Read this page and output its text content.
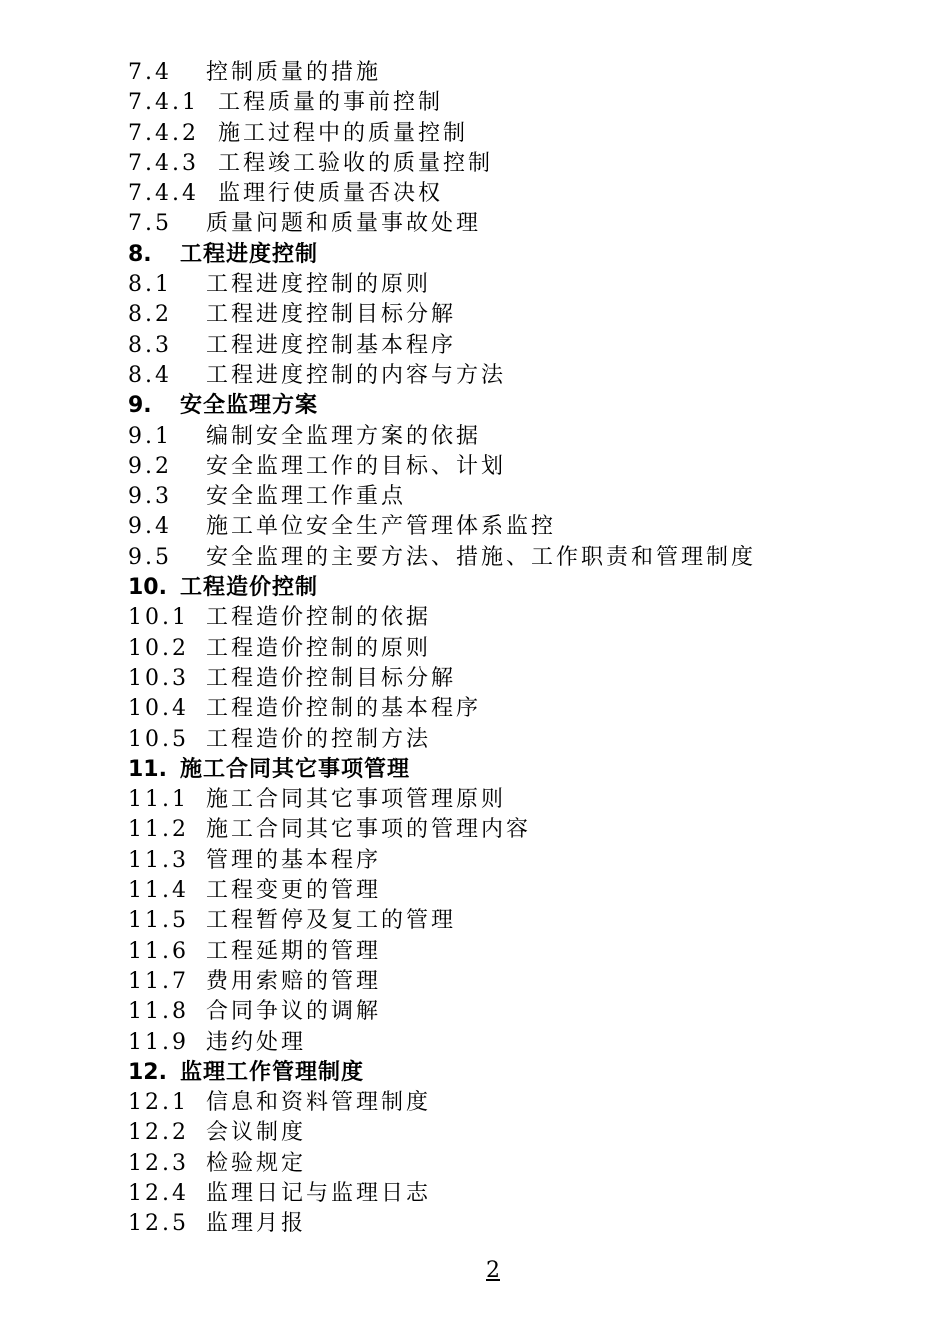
7.4	控制质量的措施
7.4.1 工程质量的事前控制
7.4.2 施工过程中的质量控制
7.4.3 工程竣工验收的质量控制
7.4.4 监理行使质量否决权
7.5	质量问题和质量事故处理
8.	工程进度控制
8.1	工程进度控制的原则
8.2	工程进度控制目标分解
8.3	工程进度控制基本程序
8.4	工程进度控制的内容与方法
9.	安全监理方案
9.1	编制安全监理方案的依据
9.2	安全监理工作的目标、计划
9.3	安全监理工作重点
9.4	施工单位安全生产管理体系监控
9.5	安全监理的主要方法、措施、工作职责和管理制度
10. 工程造价控制
10.1 工程造价控制的依据
10.2 工程造价控制的原则
10.3 工程造价控制目标分解
10.4 工程造价控制的基本程序
10.5 工程造价的控制方法
11. 施工合同其它事项管理
11.1 施工合同其它事项管理原则
11.2 施工合同其它事项的管理内容
11.3 管理的基本程序
11.4 工程变更的管理
11.5 工程暂停及复工的管理
11.6 工程延期的管理
11.7 费用索赔的管理
11.8 合同争议的调解
11.9 违约处理
12. 监理工作管理制度
12.1 信息和资料管理制度
12.2 会议制度
12.3 检验规定
12.4 监理日记与监理日志
12.5 监理月报
2
